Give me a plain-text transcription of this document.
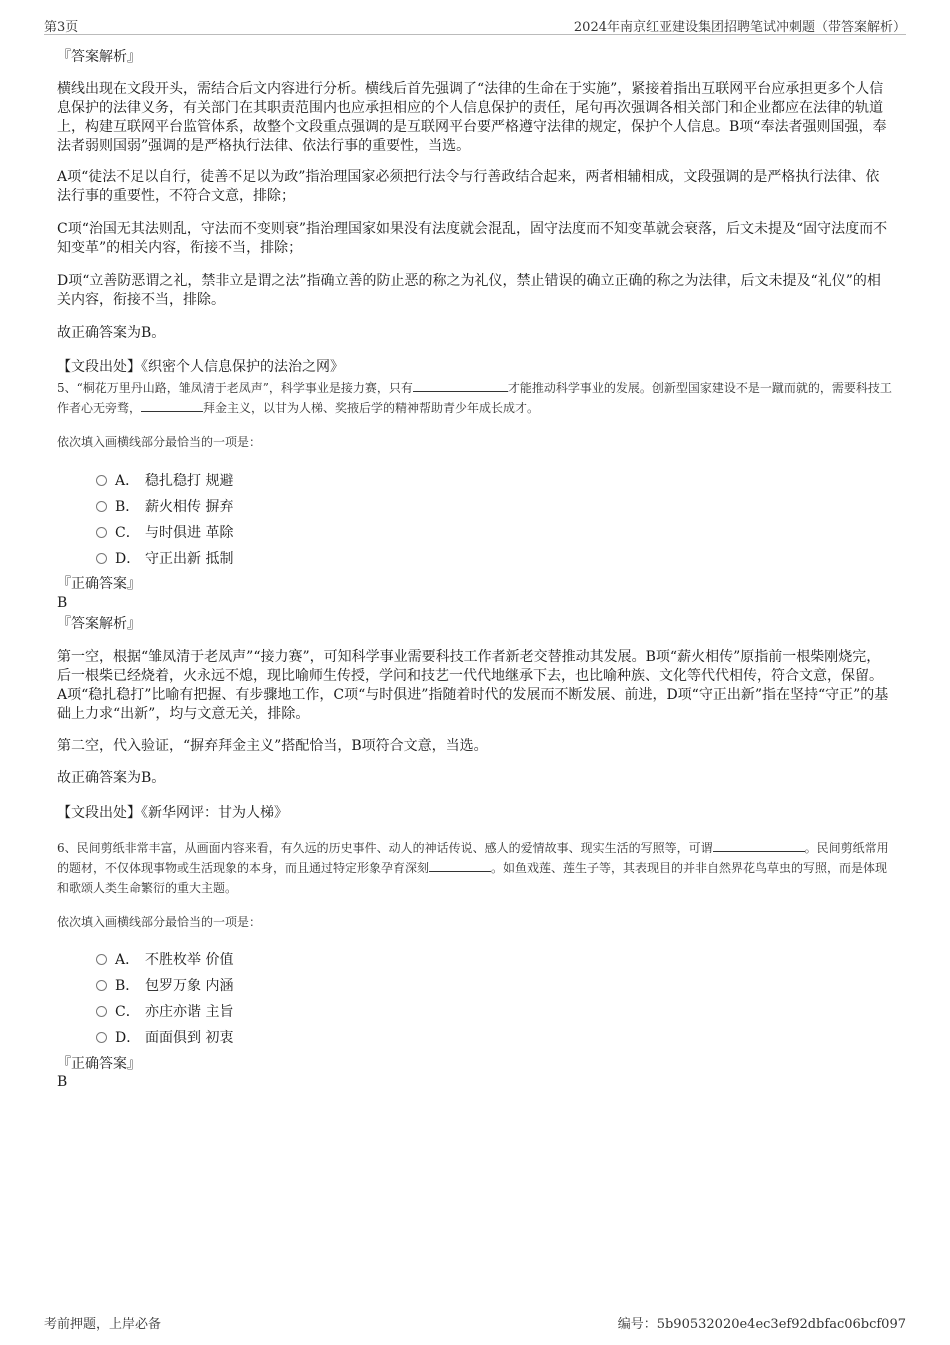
第3页	2024年南京红亚建设集团招聘笔试冲刺题（带答案解析）
『答案解析』
横线出现在文段开头，需结合后文内容进行分析。横线后首先强调了“法律的生命在于实施”，紧接着指出互联网平台应承担更多个人信息保护的法律义务，有关部门在其职责范围内也应承担相应的个人信息保护的责任，尾句再次强调各相关部门和企业都应在法律的轨道上，构建互联网平台监管体系，故整个文段重点强调的是互联网平台要严格遵守法律的规定，保护个人信息。B项“奉法者强则国强，奉法者弱则国弱”强调的是严格执行法律、依法行事的重要性，当选。
A项“徒法不足以自行，徒善不足以为政”指治理国家必须把行法令与行善政结合起来，两者相辅相成，文段强调的是严格执行法律、依法行事的重要性，不符合文意，排除；
C项“治国无其法则乱，守法而不变则衰”指治理国家如果没有法度就会混乱，固守法度而不知变革就会衰落，后文未提及“固守法度而不知变革”的相关内容，衔接不当，排除；
D项“立善防恶谓之礼，禁非立是谓之法”指确立善的防止恶的称之为礼仪，禁止错误的确立正确的称之为法律，后文未提及“礼仪”的相关内容，衔接不当，排除。
故正确答案为B。
【文段出处】《织密个人信息保护的法治之网》
5、“桐花万里丹山路，雏凤清于老凤声”，科学事业是接力赛，只有	才能推动科学事业的发展。创新型国家建设不是一蹴而就的，需要科技工作者心无旁骛，	拜金主义，以甘为人梯、奖掖后学的精神帮助青少年成长成才。
依次填入画横线部分最恰当的一项是：
A． 稳扎稳打 规避
B． 薪火相传 摒弃
C． 与时俱进 革除
D． 守正出新 抵制
『正确答案』
B
『答案解析』
第一空，根据“雏凤清于老凤声”“接力赛”，可知科学事业需要科技工作者新老交替推动其发展。B项“薪火相传”原指前一根柴刚烧完，后一根柴已经烧着，火永远不熄，现比喻师生传授，学问和技艺一代代地继承下去，也比喻种族、文化等代代相传，符合文意，保留。A项“稳扎稳打”比喻有把握、有步骤地工作，C项“与时俱进”指随着时代的发展而不断发展、前进，D项“守正出新”指在坚持“守正”的基础上力求“出新”，均与文意无关，排除。
第二空，代入验证，“摒弃拜金主义”搭配恰当，B项符合文意，当选。
故正确答案为B。
【文段出处】《新华网评：甘为人梯》
6、民间剪纸非常丰富，从画面内容来看，有久远的历史事件、动人的神话传说、感人的爱情故事、现实生活的写照等，可谓	。民间剪纸常用的题材，不仅体现事物或生活现象的本身，而且通过特定形象孕育深刻	。如鱼戏莲、莲生子等，其表现目的并非自然界花鸟草虫的写照，而是体现和歌颂人类生命繁衍的重大主题。
依次填入画横线部分最恰当的一项是：
A． 不胜枚举 价值
B． 包罗万象 内涵
C． 亦庄亦谐 主旨
D． 面面俱到 初衷
『正确答案』
B
考前押题，上岸必备	编号：5b90532020e4ec3ef92dbfac06bcf097
